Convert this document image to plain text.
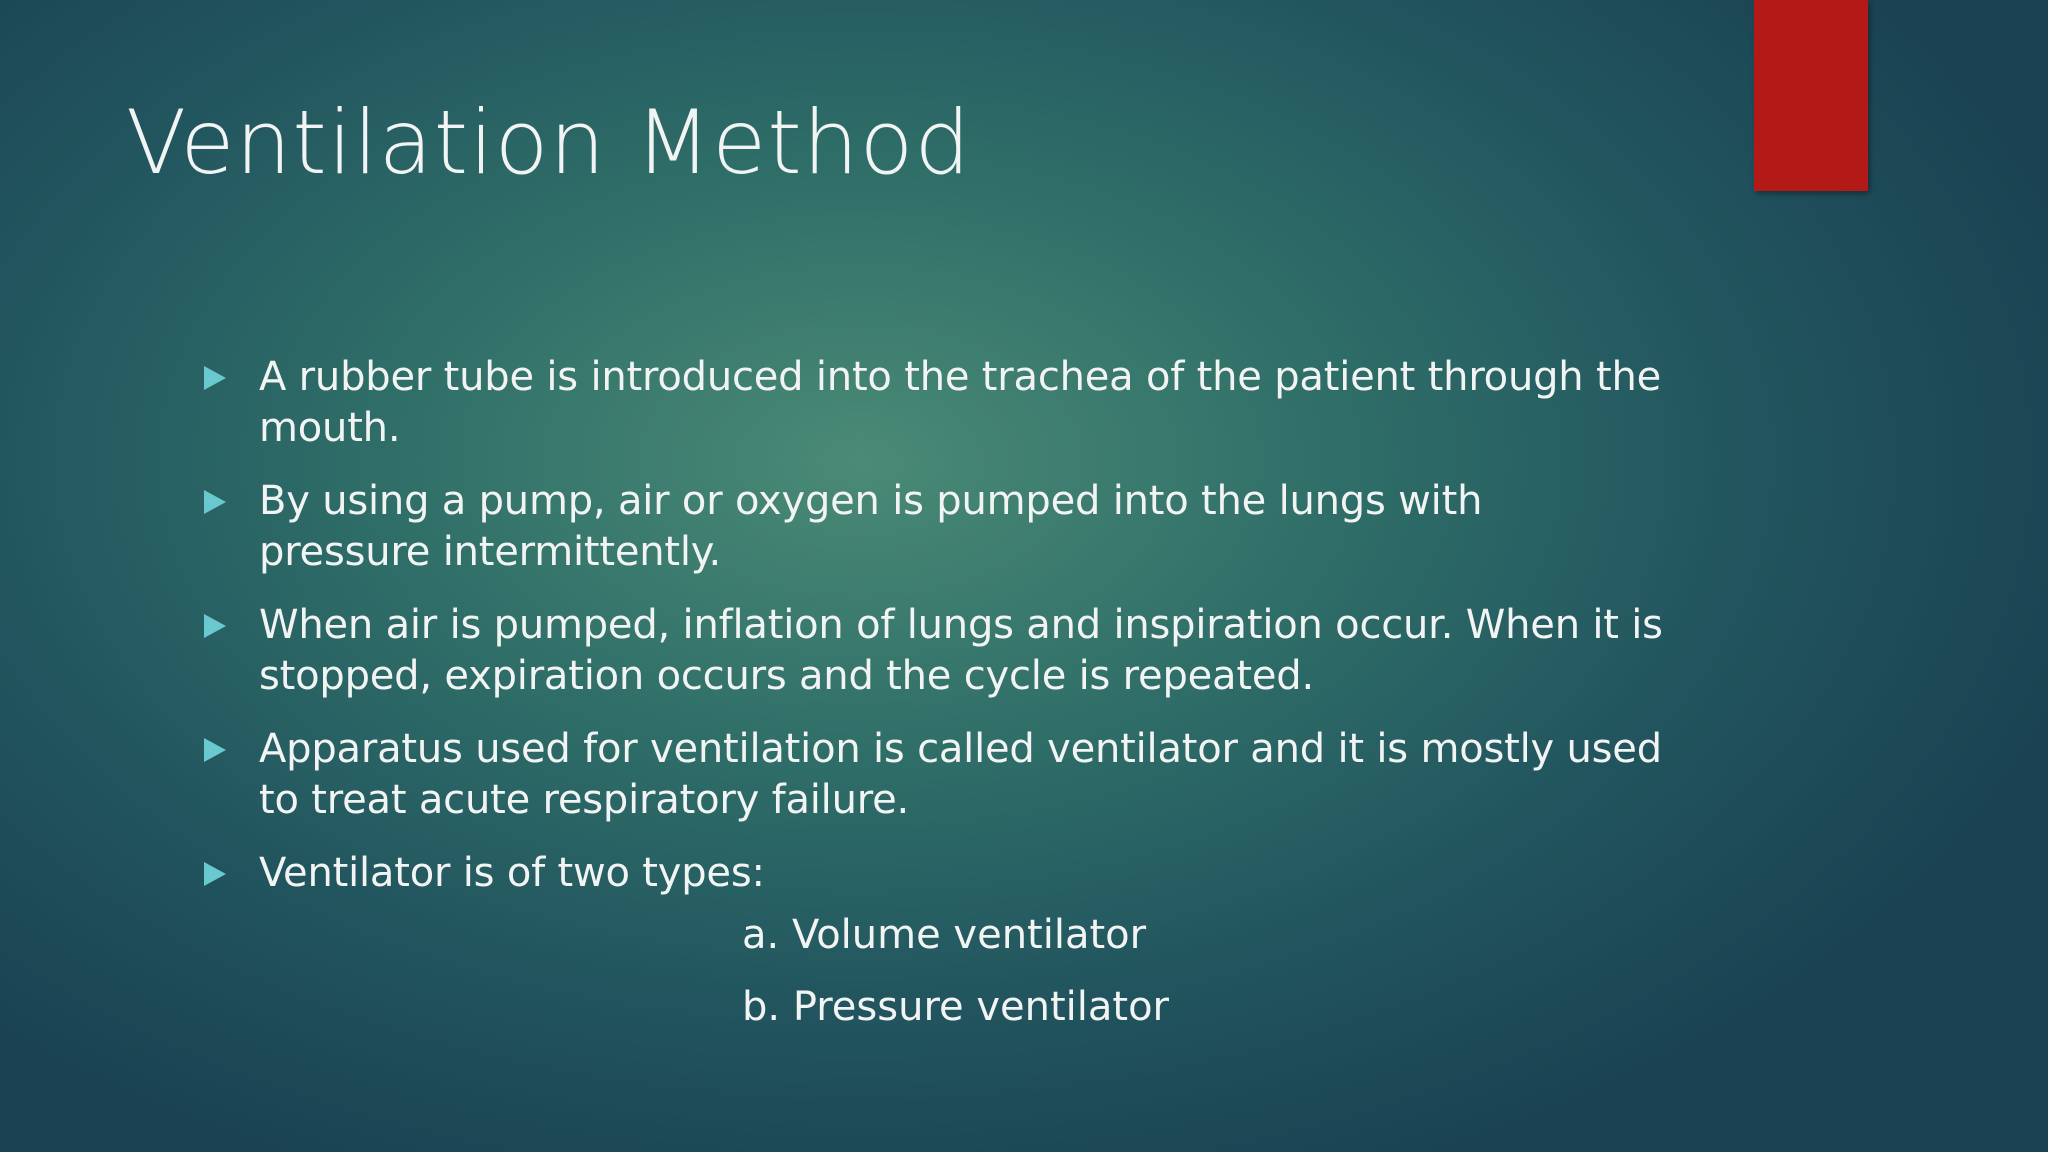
Ventilation Method
A rubber tube is introduced into the trachea of the patient through the mouth.
By using a pump, air or oxygen is pumped into the lungs with pressure intermittently.
When air is pumped, inflation of lungs and inspiration occur. When it is stopped, expiration occurs and the cycle is repeated.
Apparatus used for ventilation is called ventilator and it is mostly used to treat acute respiratory failure.
Ventilator is of two types:
a. Volume ventilator
b. Pressure ventilator
